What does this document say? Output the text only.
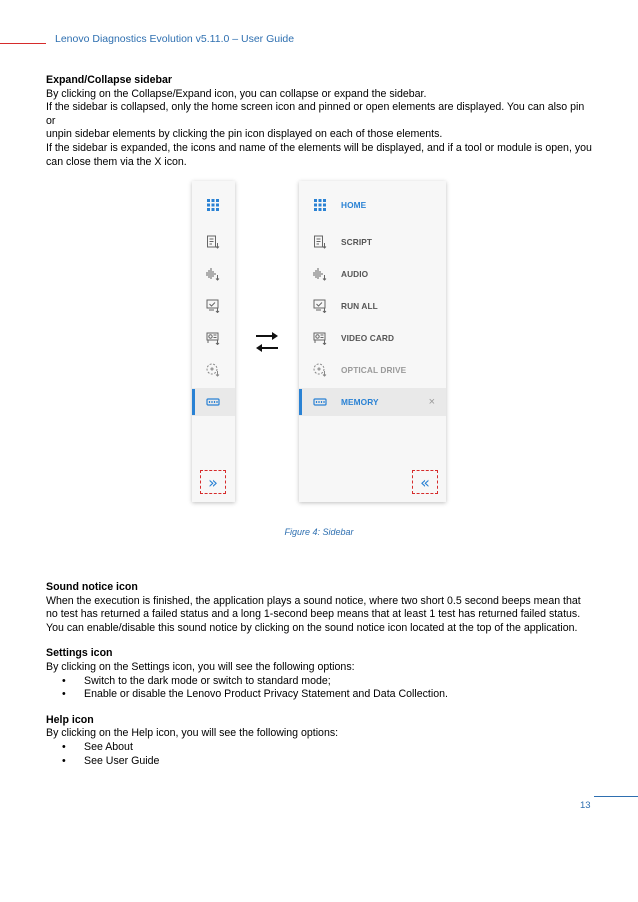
Lenovo Diagnostics Evolution v5.11.0 – User Guide

Expand/Collapse sidebar

By clicking on the Collapse/Expand icon, you can collapse or expand the sidebar.

If the sidebar is collapsed, only the home screen icon and pinned or open elements are displayed. You can also pin or

unpin sidebar elements by clicking the pin icon displayed on each of those elements.

If the sidebar is expanded, the icons and name of the elements will be displayed, and if a tool or module is open, you

can close them via the X icon.

»
HOME
SCRIPT
AUDIO
RUN ALL
VIDEO CARD
OPTICAL DRIVE
MEMORY	×
«
Figure 4: Sidebar

Sound notice icon

When the execution is finished, the application plays a sound notice, where two short 0.5 second beeps mean that

no test has returned a failed status and a long 1-second beep means that at least 1 test has returned failed status.

You can enable/disable this sound notice by clicking on the sound notice icon located at the top of the application.

Settings icon

By clicking on the Settings icon, you will see the following options:

• Switch to the dark mode or switch to standard mode;
• Enable or disable the Lenovo Product Privacy Statement and Data Collection.

Help icon

By clicking on the Help icon, you will see the following options:

• See About
• See User Guide
13
